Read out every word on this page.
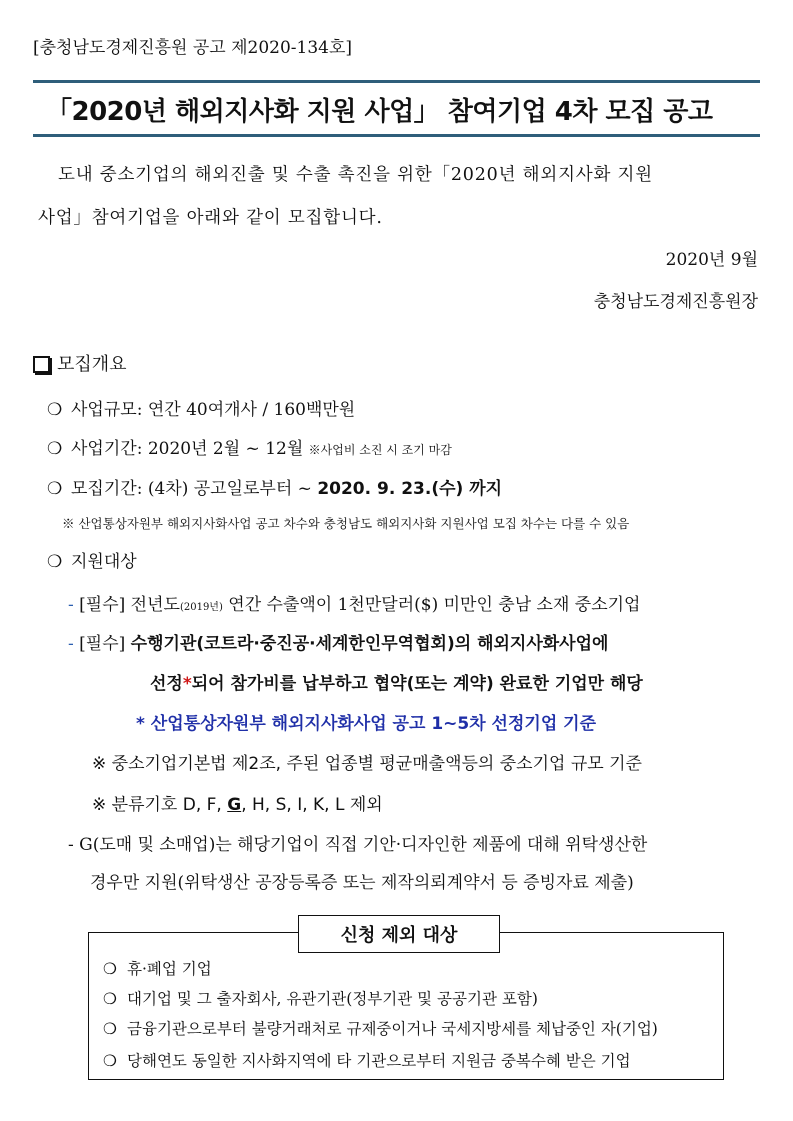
[충청남도경제진흥원 공고 제2020-134호]
「2020년 해외지사화 지원 사업」 참여기업 4차 모집 공고
도내 중소기업의 해외진출 및 수출 촉진을 위한「2020년 해외지사화 지원
사업」참여기업을 아래와 같이 모집합니다.
2020년 9월
충청남도경제진흥원장
모집개요
❍ 사업규모: 연간 40여개사 / 160백만원
❍ 사업기간: 2020년 2월 ~ 12월 ※사업비 소진 시 조기 마감
❍ 모집기간: (4차) 공고일로부터 ~ 2020. 9. 23.(수) 까지
※ 산업통상자원부 해외지사화사업 공고 차수와 충청남도 해외지사화 지원사업 모집 차수는 다를 수 있음
❍ 지원대상
- [필수] 전년도(2019년) 연간 수출액이 1천만달러($) 미만인 충남 소재 중소기업
- [필수] 수행기관(코트라·중진공·세계한인무역협회)의 해외지사화사업에
선정*되어 참가비를 납부하고 협약(또는 계약) 완료한 기업만 해당
* 산업통상자원부 해외지사화사업 공고 1~5차 선정기업 기준
※ 중소기업기본법 제2조, 주된 업종별 평균매출액등의 중소기업 규모 기준
※ 분류기호 D, F, G, H, S, I, K, L 제외
- G(도매 및 소매업)는 해당기업이 직접 기안·디자인한 제품에 대해 위탁생산한
경우만 지원(위탁생산 공장등록증 또는 제작의뢰계약서 등 증빙자료 제출)
신청 제외 대상
❍ 휴·폐업 기업
❍ 대기업 및 그 출자회사, 유관기관(정부기관 및 공공기관 포함)
❍ 금융기관으로부터 불량거래처로 규제중이거나 국세지방세를 체납중인 자(기업)
❍ 당해연도 동일한 지사화지역에 타 기관으로부터 지원금 중복수혜 받은 기업
